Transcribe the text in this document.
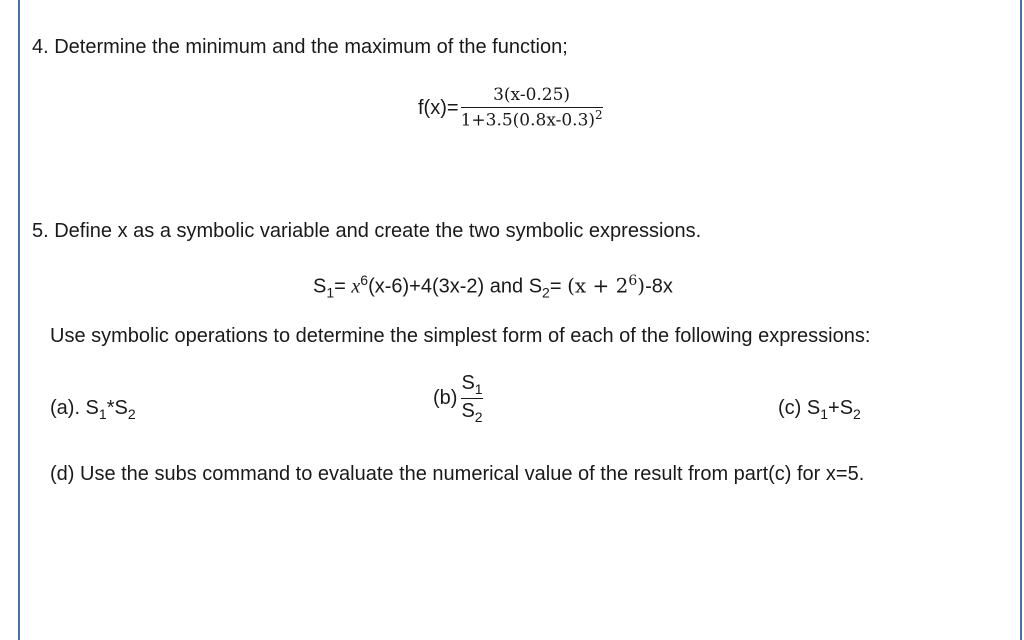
4. Determine the minimum and the maximum of the function;
$f(x)= \frac{3(x-0.25)}{1+3.5(0.8x-0.3)^2}$
5. Define x as a symbolic variable and create the two symbolic expressions.
$S_1= x^6(x-6)+4(3x-2)$ and $S_2= (x + 2^6)-8x$
Use symbolic operations to determine the simplest form of each of the following expressions:
(a). $S_1*S_2$
$(b) \frac{S_1}{S_2}$	(c) $S_1+S_2$
(d) Use the subs command to evaluate the numerical value of the result from part(c) for x=5.
